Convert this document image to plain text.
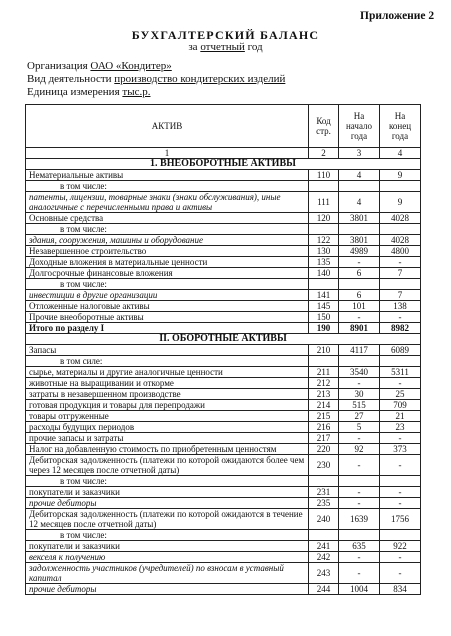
Приложение 2
БУХГАЛТЕРСКИЙ БАЛАНС
за отчетный год
Организация ОАО «Кондитер»
Вид деятельности производство кондитерских изделий
Единица измерения тыс.р.
АКТИВ	Код стр.	На начало года	На конец года
1	2	3	4
1. ВНЕОБОРОТНЫЕ АКТИВЫ			
Нематериальные активы	110	4	9
в том числе:			
патенты, лицензии, товарные знаки (знаки обслуживания), иные аналогичные с перечисленными права и активы	111	4	9
Основные средства	120	3801	4028
в том числе:			
здания, сооружения, машины и оборудование	122	3801	4028
Незавершенное строительство	130	4989	4800
Доходные вложения в материальные ценности	135	-	-
Долгосрочные финансовые вложения	140	6	7
в том числе:			
инвестиции в другие организации	141	6	7
Отложенные налоговые активы	145	101	138
Прочие внеоборотные активы	150	-	-
Итого по разделу I	190	8901	8982
II. ОБОРОТНЫЕ АКТИВЫ			
Запасы	210	4117	6089
в том силе:			
сырье, материалы и другие аналогичные ценности	211	3540	5311
животные на выращивании и откорме	212	-	-
затраты в незавершенном производстве	213	30	25
готовая продукция и товары для перепродажи	214	515	709
товары отгруженные	215	27	21
расходы будущих периодов	216	5	23
прочие запасы и затраты	217	-	-
Налог на добавленную стоимость по приобретенным ценностям	220	92	373
Дебиторская задолженность (платежи по которой ожидаются более чем через 12 месяцев после отчетной даты)	230	-	-
в том числе:			
покупатели и заказчики	231	-	-
прочие дебиторы	235	-	-
Дебиторская задолженность (платежи по которой ожидаются в течение 12 месяцев после отчетной даты)	240	1639	1756
в том числе:			
покупатели и заказчики	241	635	922
векселя к получению	242	-	-
задолженность участников (учредителей) по взносам в уставный капитал	243	-	-
прочие дебиторы	244	1004	834
